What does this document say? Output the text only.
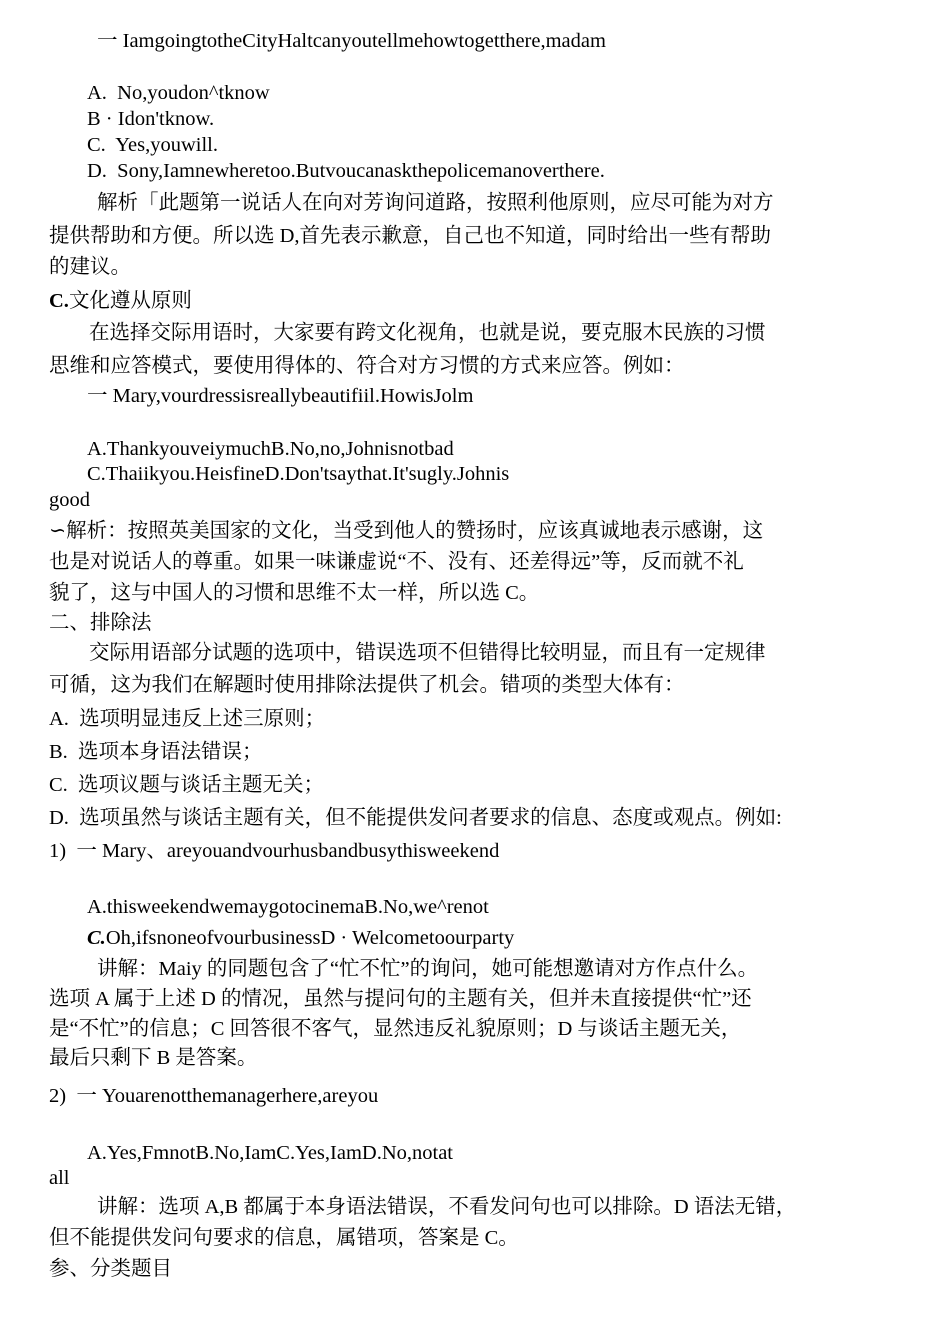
一 IamgoingtotheCityHaltcanyoutellmehowtogetthere,madam
A.  No,youdon^tknow
B · Idon'tknow.
C.  Yes,youwill.
D.  Sony,Iamnewheretoo.Butvoucanaskthepolicemanoverthere.
解析「此题第一说话人在向对芳询问道路，按照利他原则，应尽可能为对方
提供帮助和方便。所以选 D,首先表示歉意，自己也不知道，同时给出一些有帮助
的建议。
C.文化遵从原则
在选择交际用语时，大家要有跨文化视角，也就是说，要克服木民族的习惯
思维和应答模式，要使用得体的、符合对方习惯的方式来应答。例如：
一 Mary,vourdressisreallybeautifiil.HowisJolm
A.ThankyouveiymuchB.No,no,Johnisnotbad
C.Thaiikyou.HeisfineD.Don'tsaythat.It'sugly.Johnis
good
∽解析：按照英美国家的文化，当受到他人的赞扬时，应该真诚地表示感谢，这
也是对说话人的尊重。如果一味谦虚说“不、没有、还差得远”等，反而就不礼
貌了，这与中国人的习惯和思维不太一样，所以选 C。
二、排除法
交际用语部分试题的选项中，错误选项不但错得比较明显，而且有一定规律
可循，这为我们在解题时使用排除法提供了机会。错项的类型大体有：
A.  选项明显违反上述三原则；
B.  选项本身语法错误；
C.  选项议题与谈话主题无关；
D.  选项虽然与谈话主题有关，但不能提供发问者要求的信息、态度或观点。例如:
1)  一 Mary、areyouandvourhusbandbusythisweekend
A.thisweekendwemaygotocinemaB.No,we^renot
C.Oh,ifsnoneofvourbusinessD · Welcometoourparty
讲解：Maiy 的同题包含了“忙不忙”的询问，她可能想邀请对方作点什么。
选项 A 属于上述 D 的情况，虽然与提问句的主题有关，但并未直接提供“忙”还
是“不忙”的信息；C 回答很不客气，显然违反礼貌原则；D 与谈话主题无关，
最后只剩下 B 是答案。
2)  一 Youarenotthemanagerhere,areyou
A.Yes,FmnotB.No,IamC.Yes,IamD.No,notat
all
讲解：选项 A,B 都属于本身语法错误，不看发问句也可以排除。D 语法无错，
但不能提供发问句要求的信息，属错项，答案是 C。
参、分类题目
